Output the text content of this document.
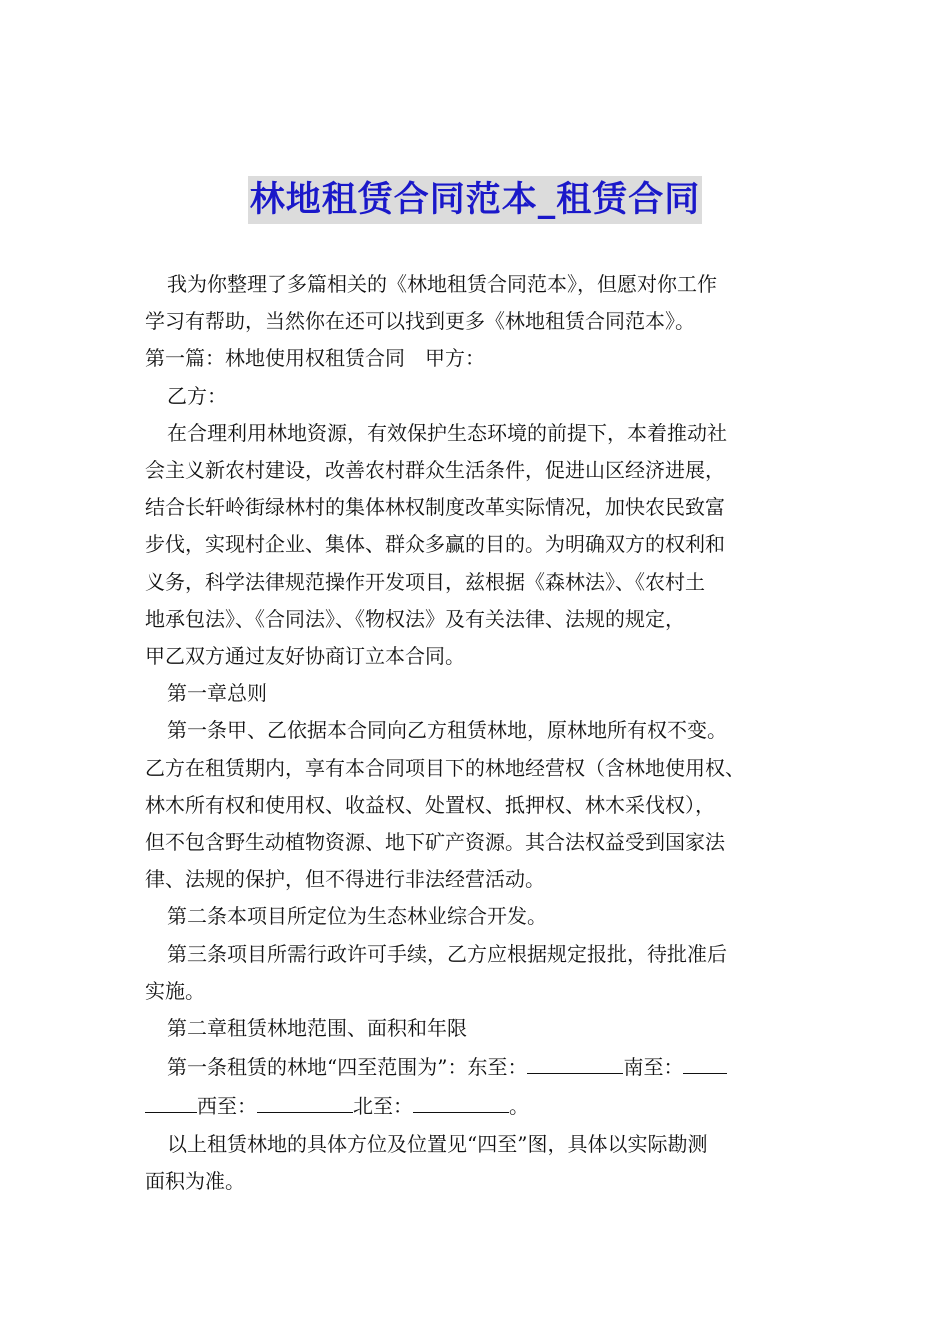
林地租赁合同范本_租赁合同

我为你整理了多篇相关的《林地租赁合同范本》，但愿对你工作

学习有帮助，当然你在还可以找到更多《林地租赁合同范本》。

第一篇：林地使用权租赁合同　甲方：

乙方：

在合理利用林地资源，有效保护生态环境的前提下，本着推动社

会主义新农村建设，改善农村群众生活条件，促进山区经济进展，

结合长轩岭街绿林村的集体林权制度改革实际情况，加快农民致富

步伐，实现村企业、集体、群众多赢的目的。为明确双方的权利和

义务，科学法律规范操作开发项目，兹根据《森林法》、《农村土

地承包法》、《合同法》、《物权法》及有关法律、法规的规定，

甲乙双方通过友好协商订立本合同。

第一章总则

第一条甲、乙依据本合同向乙方租赁林地，原林地所有权不变。

乙方在租赁期内，享有本合同项目下的林地经营权（含林地使用权、

林木所有权和使用权、收益权、处置权、抵押权、林木采伐权），

但不包含野生动植物资源、地下矿产资源。其合法权益受到国家法

律、法规的保护，但不得进行非法经营活动。

第二条本项目所定位为生态林业综合开发。

第三条项目所需行政许可手续，乙方应根据规定报批，待批准后

实施。

第二章租赁林地范围、面积和年限

第一条租赁的林地“四至范围为”：东至：	南至：

西至：	北至：	。

以上租赁林地的具体方位及位置见“四至”图，具体以实际勘测

面积为准。
